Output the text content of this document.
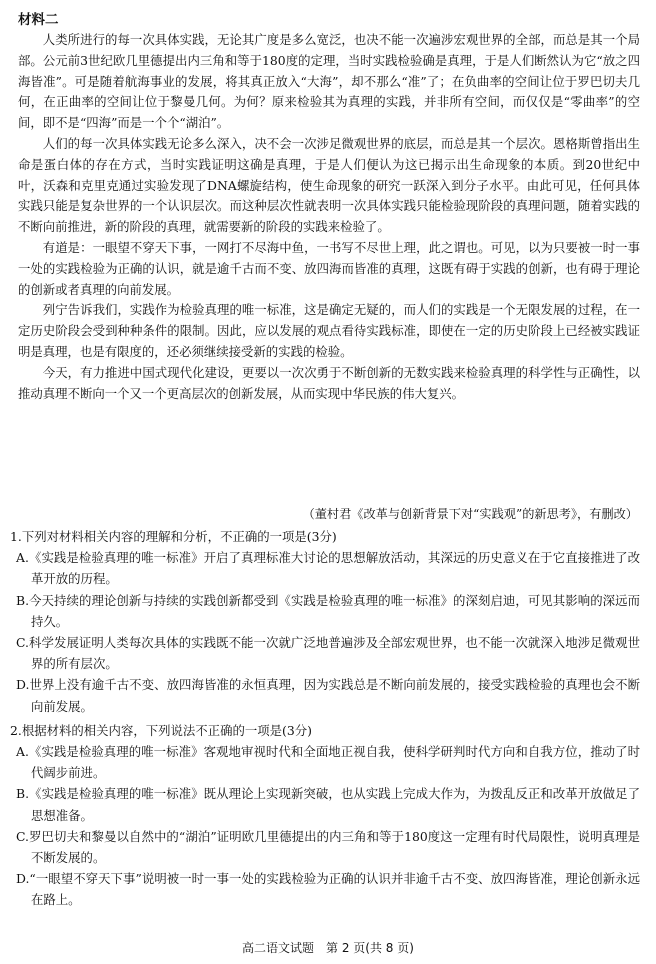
材料二

人类所进行的每一次具体实践，无论其广度是多么宽泛，也决不能一次遍涉宏观世界的全部，而总是其一个局部。公元前3世纪欧几里德提出内三角和等于180度的定理，当时实践检验确是真理，于是人们断然认为它“放之四海皆准”。可是随着航海事业的发展，将其真正放入“大海”，却不那么“准”了；在负曲率的空间让位于罗巴切夫几何，在正曲率的空间让位于黎曼几何。为何？原来检验其为真理的实践，并非所有空间，而仅仅是“零曲率”的空间，即不是“四海”而是一个个“湖泊”。

人们的每一次具体实践无论多么深入，决不会一次涉足微观世界的底层，而总是其一个层次。恩格斯曾指出生命是蛋白体的存在方式，当时实践证明这确是真理，于是人们便认为这已揭示出生命现象的本质。到20世纪中叶，沃森和克里克通过实验发现了DNA螺旋结构，使生命现象的研究一跃深入到分子水平。由此可见，任何具体实践只能是复杂世界的一个认识层次。而这种层次性就表明一次具体实践只能检验现阶段的真理问题，随着实践的不断向前推进，新的阶段的真理，就需要新的阶段的实践来检验了。

有道是：一眼望不穿天下事，一网打不尽海中鱼，一书写不尽世上理，此之谓也。可见，以为只要被一时一事一处的实践检验为正确的认识，就是逾千古而不变、放四海而皆准的真理，这既有碍于实践的创新，也有碍于理论的创新或者真理的向前发展。

列宁告诉我们，实践作为检验真理的唯一标准，这是确定无疑的，而人们的实践是一个无限发展的过程，在一定历史阶段会受到种种条件的限制。因此，应以发展的观点看待实践标准，即使在一定的历史阶段上已经被实践证明是真理，也是有限度的，还必须继续接受新的实践的检验。

今天，有力推进中国式现代化建设，更要以一次次勇于不断创新的无数实践来检验真理的科学性与正确性，以推动真理不断向一个又一个更高层次的创新发展，从而实现中华民族的伟大复兴。

（董村君《改革与创新背景下对“实践观”的新思考》，有删改）

1.下列对材料相关内容的理解和分析，不正确的一项是(3分)

A.《实践是检验真理的唯一标准》开启了真理标准大讨论的思想解放活动，其深远的历史意义在于它直接推进了改革开放的历程。

B.今天持续的理论创新与持续的实践创新都受到《实践是检验真理的唯一标准》的深刻启迪，可见其影响的深远而持久。

C.科学发展证明人类每次具体的实践既不能一次就广泛地普遍涉及全部宏观世界，也不能一次就深入地涉足微观世界的所有层次。

D.世界上没有逾千古不变、放四海皆准的永恒真理，因为实践总是不断向前发展的，接受实践检验的真理也会不断向前发展。

2.根据材料的相关内容，下列说法不正确的一项是(3分)

A.《实践是检验真理的唯一标准》客观地审视时代和全面地正视自我，使科学研判时代方向和自我方位，推动了时代阔步前进。

B.《实践是检验真理的唯一标准》既从理论上实现新突破，也从实践上完成大作为，为拨乱反正和改革开放做足了思想准备。

C.罗巴切夫和黎曼以自然中的“湖泊”证明欧几里德提出的内三角和等于180度这一定理有时代局限性，说明真理是不断发展的。

D.“一眼望不穿天下事”说明被一时一事一处的实践检验为正确的认识并非逾千古不变、放四海皆准，理论创新永远在路上。

高二语文试题　第 2 页(共 8 页)
